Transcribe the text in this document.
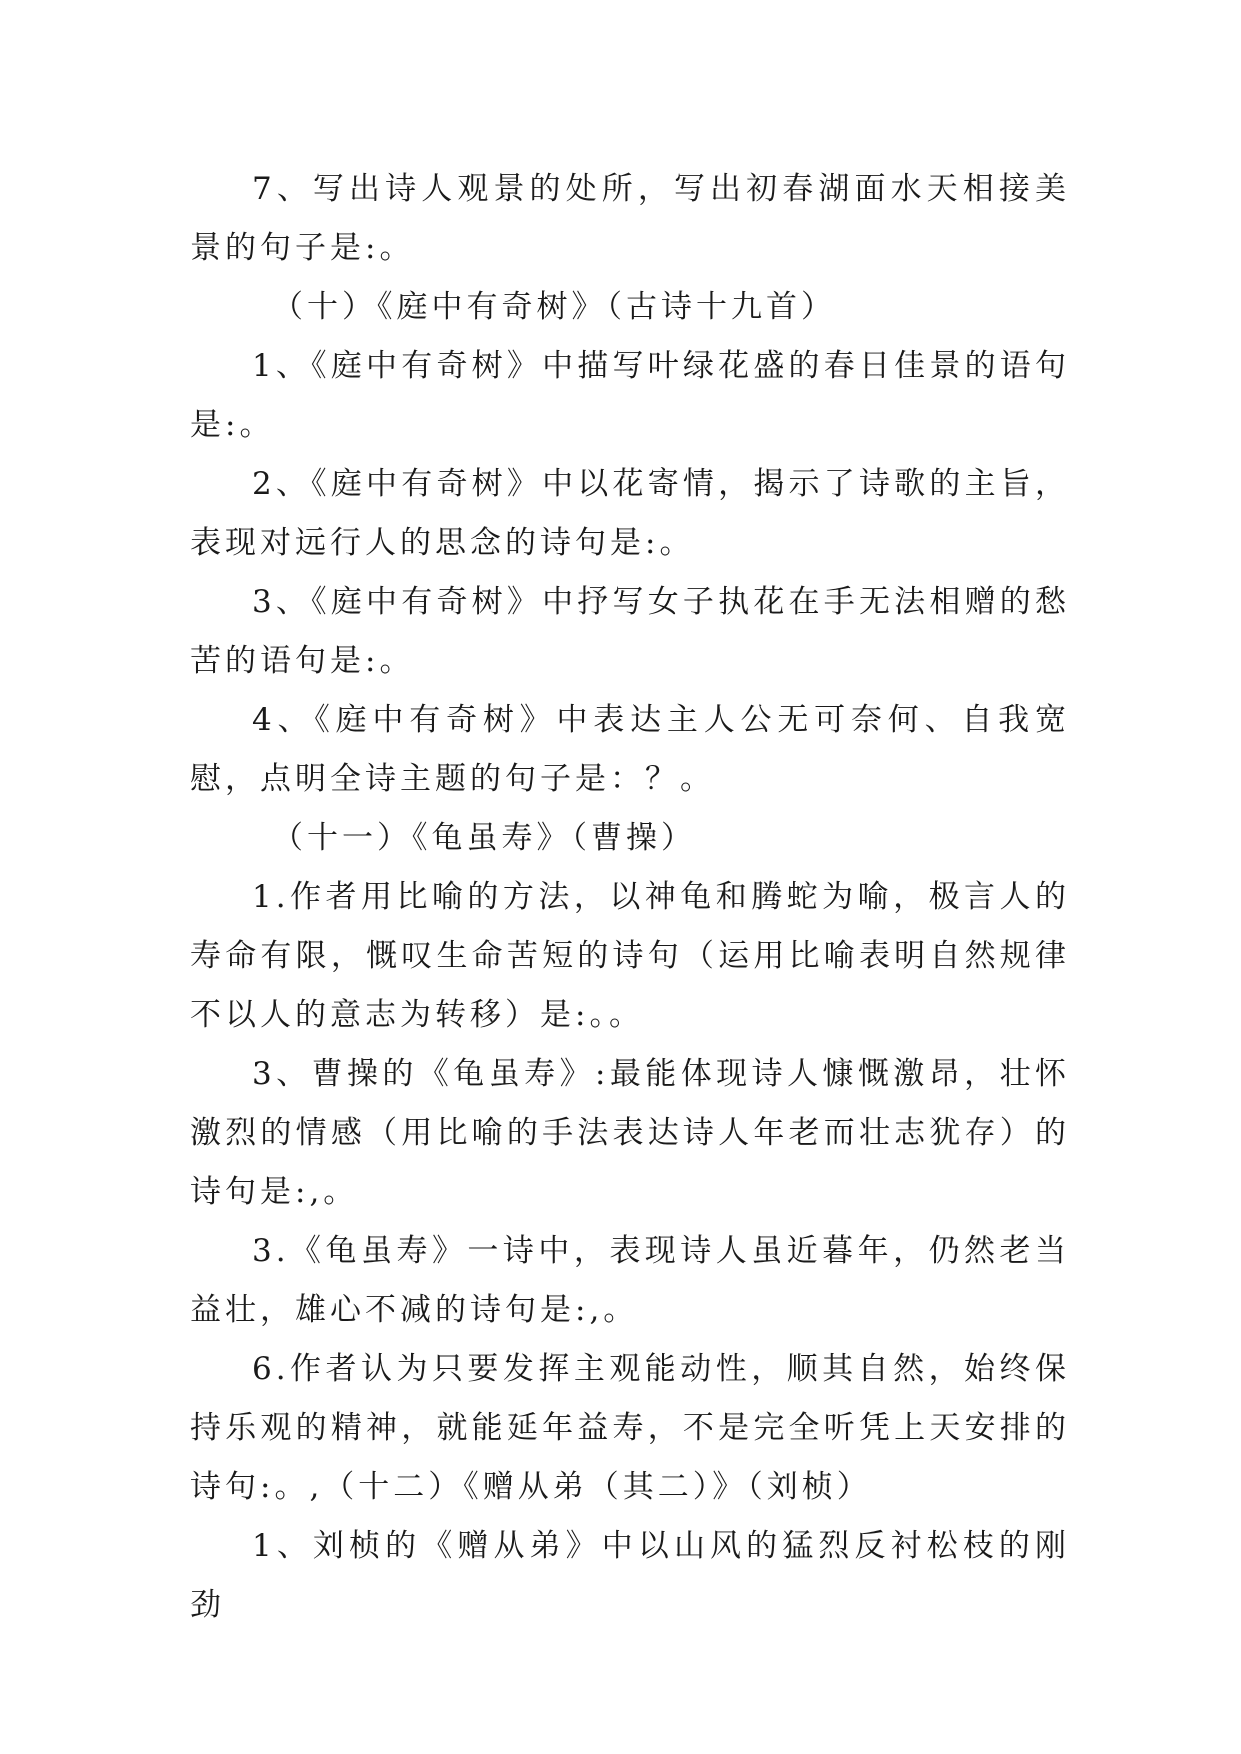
7、写出诗人观景的处所，写出初春湖面水天相接美景的句子是:。

（十）《庭中有奇树》（古诗十九首）

1、《庭中有奇树》中描写叶绿花盛的春日佳景的语句是:。

2、《庭中有奇树》中以花寄情，揭示了诗歌的主旨，表现对远行人的思念的诗句是:。

3、《庭中有奇树》中抒写女子执花在手无法相赠的愁苦的语句是:。

4、《庭中有奇树》中表达主人公无可奈何、自我宽慰，点明全诗主题的句子是：？。

（十一）《龟虽寿》（曹操）

1.作者用比喻的方法，以神龟和腾蛇为喻，极言人的寿命有限，慨叹生命苦短的诗句（运用比喻表明自然规律不以人的意志为转移）是:。。

3、曹操的《龟虽寿》:最能体现诗人慷慨激昂，壮怀激烈的情感（用比喻的手法表达诗人年老而壮志犹存）的诗句是:,。

3.《龟虽寿》一诗中，表现诗人虽近暮年，仍然老当益壮，雄心不减的诗句是:,。

6.作者认为只要发挥主观能动性，顺其自然，始终保持乐观的精神，就能延年益寿，不是完全听凭上天安排的诗句:。,（十二）《赠从弟（其二）》（刘桢）

1、刘桢的《赠从弟》中以山风的猛烈反衬松枝的刚劲
